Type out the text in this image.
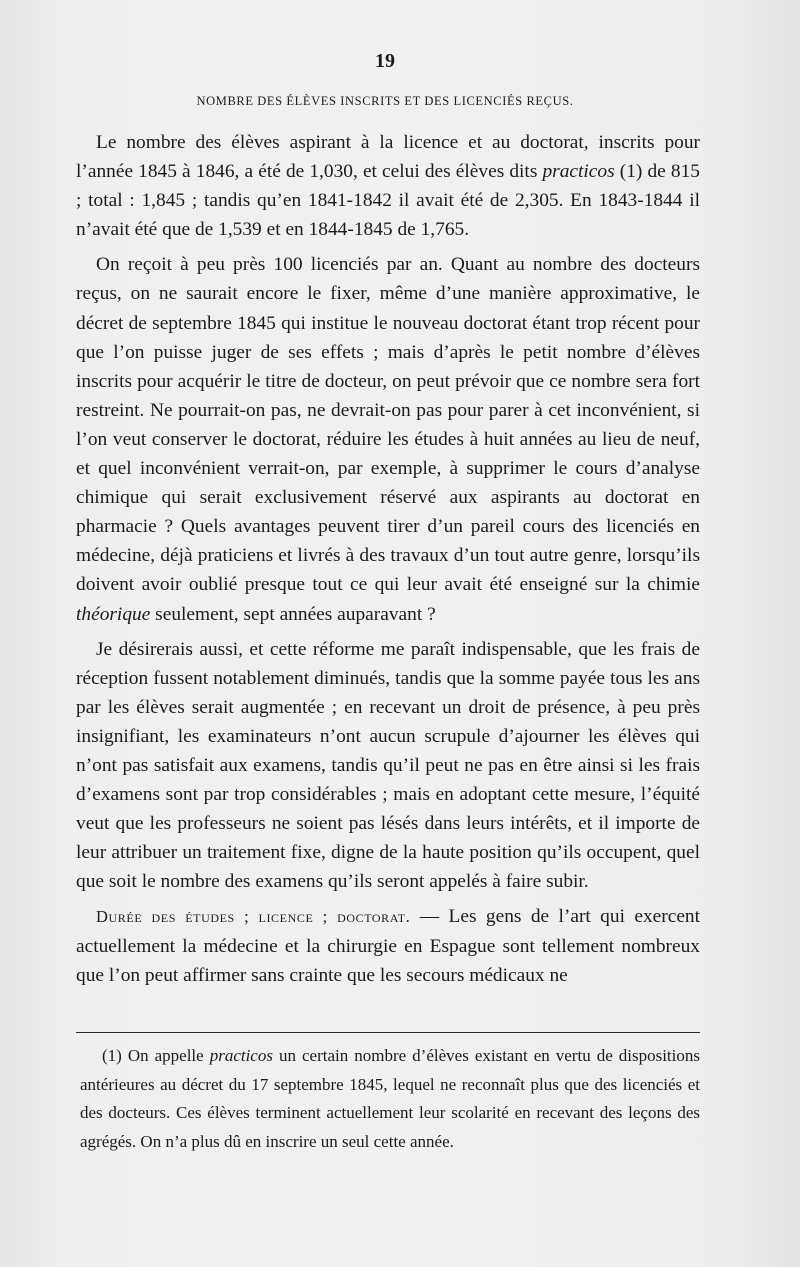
19
NOMBRE DES ÉLÈVES INSCRITS ET DES LICENCIÉS REÇUS.

Le nombre des élèves aspirant à la licence et au doctorat, inscrits pour l’année 1845 à 1846, a été de 1,030, et celui des élèves dits practicos (1) de 815 ; total : 1,845 ; tandis qu’en 1841-1842 il avait été de 2,305. En 1843-1844 il n’avait été que de 1,539 et en 1844-1845 de 1,765.

On reçoit à peu près 100 licenciés par an. Quant au nombre des docteurs reçus, on ne saurait encore le fixer, même d’une manière approximative, le décret de septembre 1845 qui institue le nouveau doctorat étant trop récent pour que l’on puisse juger de ses effets ; mais d’après le petit nombre d’élèves inscrits pour acquérir le titre de docteur, on peut prévoir que ce nombre sera fort restreint. Ne pourrait-on pas, ne devrait-on pas pour parer à cet inconvénient, si l’on veut conserver le doctorat, réduire les études à huit années au lieu de neuf, et quel inconvénient verrait-on, par exemple, à supprimer le cours d’analyse chimique qui serait exclusivement réservé aux aspirants au doctorat en pharmacie ? Quels avantages peuvent tirer d’un pareil cours des licenciés en médecine, déjà praticiens et livrés à des travaux d’un tout autre genre, lorsqu’ils doivent avoir oublié presque tout ce qui leur avait été enseigné sur la chimie théorique seulement, sept années auparavant ?

Je désirerais aussi, et cette réforme me paraît indispensable, que les frais de réception fussent notablement diminués, tandis que la somme payée tous les ans par les élèves serait augmentée ; en recevant un droit de présence, à peu près insignifiant, les examinateurs n’ont aucun scrupule d’ajourner les élèves qui n’ont pas satisfait aux examens, tandis qu’il peut ne pas en être ainsi si les frais d’examens sont par trop considérables ; mais en adoptant cette mesure, l’équité veut que les professeurs ne soient pas lésés dans leurs intérêts, et il importe de leur attribuer un traitement fixe, digne de la haute position qu’ils occupent, quel que soit le nombre des examens qu’ils seront appelés à faire subir.

Durée des études ; licence ; doctorat. — Les gens de l’art qui exercent actuellement la médecine et la chirurgie en Espague sont tellement nombreux que l’on peut affirmer sans crainte que les secours médicaux ne

(1) On appelle practicos un certain nombre d’élèves existant en vertu de dispositions antérieures au décret du 17 septembre 1845, lequel ne reconnaît plus que des licenciés et des docteurs. Ces élèves terminent actuellement leur scolarité en recevant des leçons des agrégés. On n’a plus dû en inscrire un seul cette année.
